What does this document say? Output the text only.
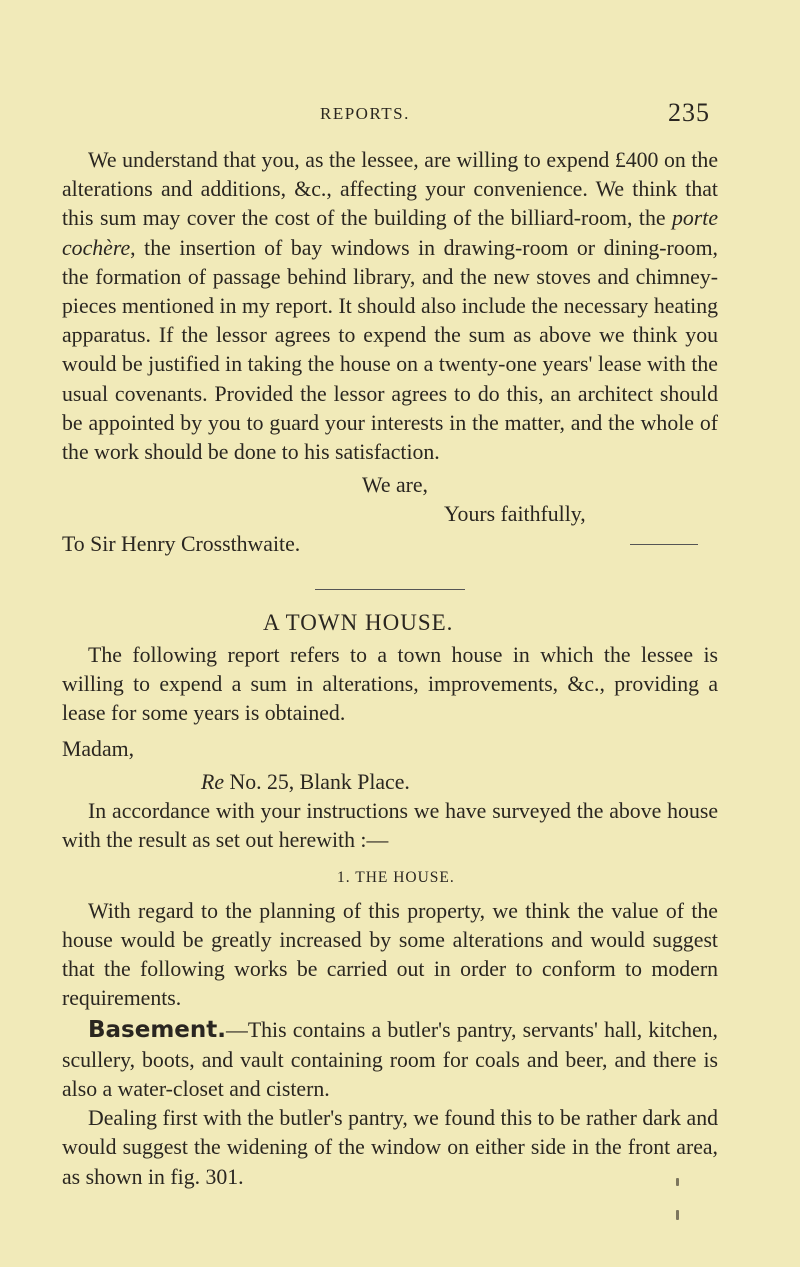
REPORTS.	235

We understand that you, as the lessee, are willing to expend £400 on the alterations and additions, &c., affecting your convenience. We think that this sum may cover the cost of the building of the billiard-room, the porte cochère, the insertion of bay windows in drawing-room or dining-room, the formation of passage behind library, and the new stoves and chimney-pieces mentioned in my report. It should also include the necessary heating apparatus. If the lessor agrees to expend the sum as above we think you would be justified in taking the house on a twenty-one years' lease with the usual covenants. Provided the lessor agrees to do this, an architect should be appointed by you to guard your interests in the matter, and the whole of the work should be done to his satisfaction.

We are,

Yours faithfully,

To Sir Henry Crossthwaite.

A TOWN HOUSE.

The following report refers to a town house in which the lessee is willing to expend a sum in alterations, improvements, &c., providing a lease for some years is obtained.

Madam,

Re No. 25, Blank Place.

In accordance with your instructions we have surveyed the above house with the result as set out herewith :—

1. THE HOUSE.

With regard to the planning of this property, we think the value of the house would be greatly increased by some alterations and would suggest that the following works be carried out in order to conform to modern requirements.

Basement.—This contains a butler's pantry, servants' hall, kitchen, scullery, boots, and vault containing room for coals and beer, and there is also a water-closet and cistern.

Dealing first with the butler's pantry, we found this to be rather dark and would suggest the widening of the window on either side in the front area, as shown in fig. 301.
